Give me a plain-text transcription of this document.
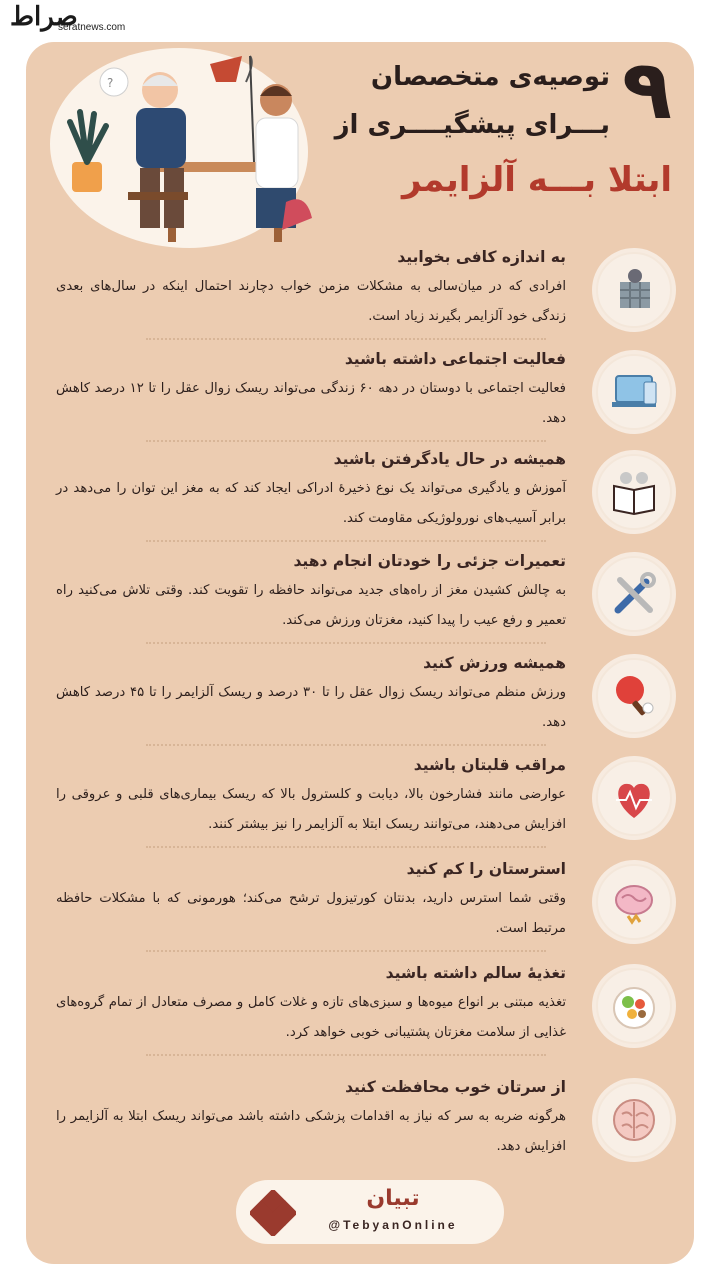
صراط
seratnews.com
?	۹
توصیه‌ی متخصصان
بـــرای پیشگیــــری از
ابتلا بـــه آلزایمر
به اندازه کافی بخوابید
افرادی که در میان‌سالی به مشکلات مزمن خواب دچارند احتمال اینکه در سال‌های بعدی زندگی خود آلزایمر بگیرند زیاد است.
فعالیت اجتماعی داشته باشید
فعالیت اجتماعی با دوستان در دهه ۶۰ زندگی می‌تواند ریسک زوال عقل را تا ۱۲ درصد کاهش دهد.
همیشه در حال یادگرفتن باشید
آموزش و یادگیری می‌تواند یک نوع ذخیرهٔ ادراکی ایجاد کند که به مغز این توان را می‌دهد در برابر آسیب‌های نورولوژیکی مقاومت کند.
تعمیرات جزئی را خودتان انجام دهید
به چالش کشیدن مغز از راه‌های جدید می‌تواند حافظه را تقویت کند. وقتی تلاش می‌کنید راه تعمیر و رفع عیب را پیدا کنید، مغزتان ورزش می‌کند.
همیشه ورزش کنید
ورزش منظم می‌تواند ریسک زوال عقل را تا ۳۰ درصد و ریسک آلزایمر را تا ۴۵ درصد کاهش دهد.
مراقب قلبتان باشید
عوارضی مانند فشارخون بالا، دیابت و کلسترول بالا که ریسک بیماری‌های قلبی و عروقی را افزایش می‌دهند، می‌توانند ریسک ابتلا به آلزایمر را نیز بیشتر کنند.
استرستان را کم کنید
وقتی شما استرس دارید، بدنتان کورتیزول ترشح می‌کند؛ هورمونی که با مشکلات حافظه مرتبط است.
تغذیهٔ سالم داشته باشید
تغذیه مبتنی بر انواع میوه‌ها و سبزی‌های تازه و غلات کامل و مصرف متعادل از تمام گروه‌های غذایی از سلامت مغزتان پشتیبانی خوبی خواهد کرد.
از سرتان خوب محافظت کنید
هرگونه ضربه به سر که نیاز به اقدامات پزشکی داشته باشد می‌تواند ریسک ابتلا به آلزایمر را افزایش دهد.
تبیان
@TebyanOnline
